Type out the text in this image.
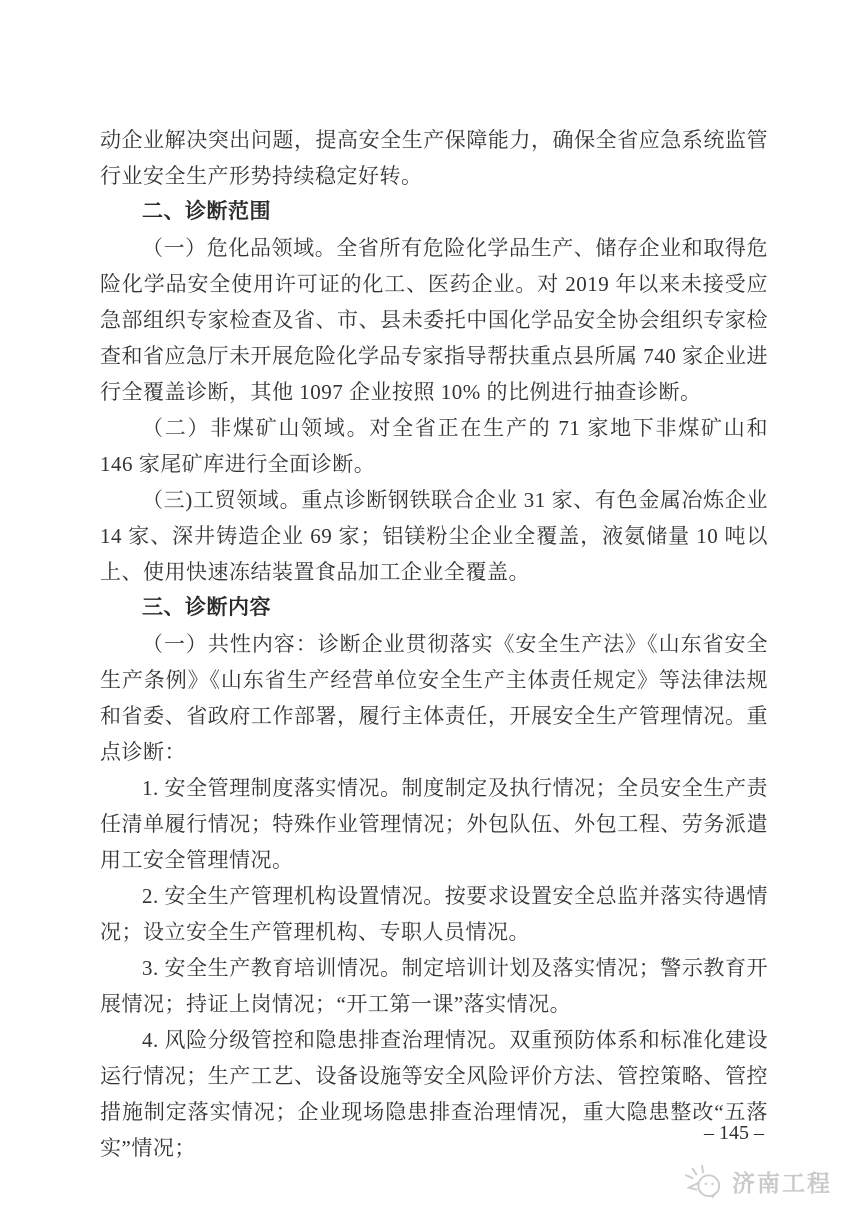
动企业解决突出问题，提高安全生产保障能力，确保全省应急系统监管行业安全生产形势持续稳定好转。

二、诊断范围

（一）危化品领域。全省所有危险化学品生产、储存企业和取得危险化学品安全使用许可证的化工、医药企业。对 2019 年以来未接受应急部组织专家检查及省、市、县未委托中国化学品安全协会组织专家检查和省应急厅未开展危险化学品专家指导帮扶重点县所属 740 家企业进行全覆盖诊断，其他 1097 企业按照 10% 的比例进行抽查诊断。

（二）非煤矿山领域。对全省正在生产的 71 家地下非煤矿山和 146 家尾矿库进行全面诊断。

（三)工贸领域。重点诊断钢铁联合企业 31 家、有色金属冶炼企业 14 家、深井铸造企业 69 家；铝镁粉尘企业全覆盖，液氨储量 10 吨以上、使用快速冻结装置食品加工企业全覆盖。

三、诊断内容

（一）共性内容：诊断企业贯彻落实《安全生产法》《山东省安全生产条例》《山东省生产经营单位安全生产主体责任规定》等法律法规和省委、省政府工作部署，履行主体责任，开展安全生产管理情况。重点诊断：

1. 安全管理制度落实情况。制度制定及执行情况；全员安全生产责任清单履行情况；特殊作业管理情况；外包队伍、外包工程、劳务派遣用工安全管理情况。

2. 安全生产管理机构设置情况。按要求设置安全总监并落实待遇情况；设立安全生产管理机构、专职人员情况。

3. 安全生产教育培训情况。制定培训计划及落实情况；警示教育开展情况；持证上岗情况；“开工第一课”落实情况。

4. 风险分级管控和隐患排查治理情况。双重预防体系和标准化建设运行情况；生产工艺、设备设施等安全风险评价方法、管控策略、管控措施制定落实情况；企业现场隐患排查治理情况，重大隐患整改“五落实”情况；

– 145 –
济南工程
